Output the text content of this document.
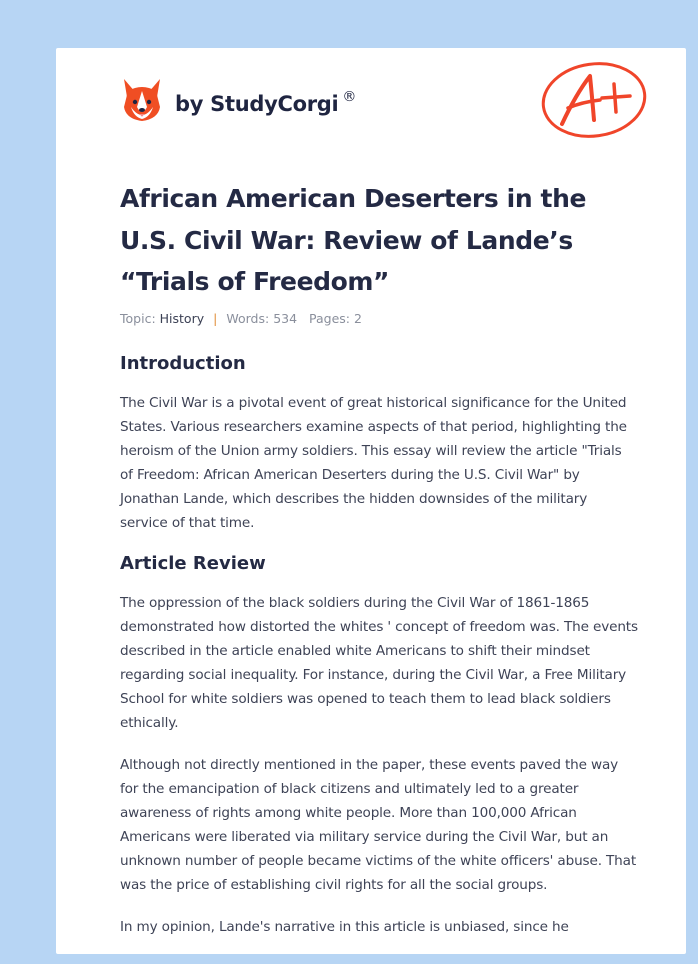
by StudyCorgi ®
African American Deserters in the U.S. Civil War: Review of Lande’s “Trials of Freedom”
Topic: History | Words: 534 Pages: 2
Introduction

The Civil War is a pivotal event of great historical significance for the United States. Various researchers examine aspects of that period, highlighting the heroism of the Union army soldiers. This essay will review the article "Trials of Freedom: African American Deserters during the U.S. Civil War" by Jonathan Lande, which describes the hidden downsides of the military service of that time.

Article Review

The oppression of the black soldiers during the Civil War of 1861-1865 demonstrated how distorted the whites ' concept of freedom was. The events described in the article enabled white Americans to shift their mindset regarding social inequality. For instance, during the Civil War, a Free Military School for white soldiers was opened to teach them to lead black soldiers ethically.

Although not directly mentioned in the paper, these events paved the way for the emancipation of black citizens and ultimately led to a greater awareness of rights among white people. More than 100,000 African Americans were liberated via military service during the Civil War, but an unknown number of people became victims of the white officers' abuse. That was the price of establishing civil rights for all the social groups.

In my opinion, Lande's narrative in this article is unbiased, since he
